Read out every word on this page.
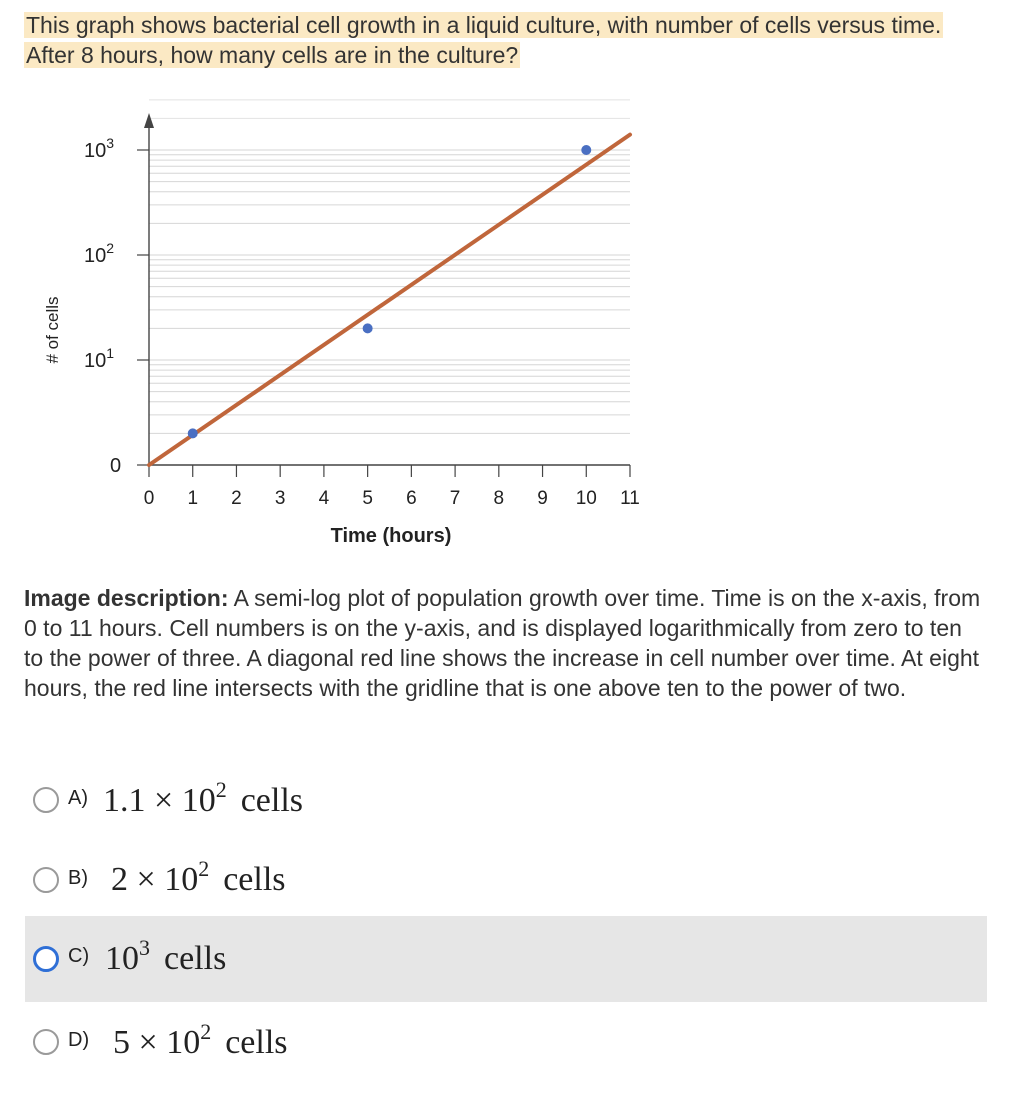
This graph shows bacterial cell growth in a liquid culture, with number of cells versus time. After 8 hours, how many cells are in the culture?
0
$10^1$
$10^2$
$10^3$
0 1 2 3 4 5 6 7 8 9 10 11
Time (hours)
# of cells
Image description: A semi-log plot of population growth over time. Time is on the x-axis, from 0 to 11 hours. Cell numbers is on the y-axis, and is displayed logarithmically from zero to ten to the power of three. A diagonal red line shows the increase in cell number over time. At eight hours, the red line intersects with the gridline that is one above ten to the power of two.
A) $1.1 \times 10^2$ cells
B) $2 \times 10^2$ cells
C) $10^3$ cells
D) $5 \times 10^2$ cells
